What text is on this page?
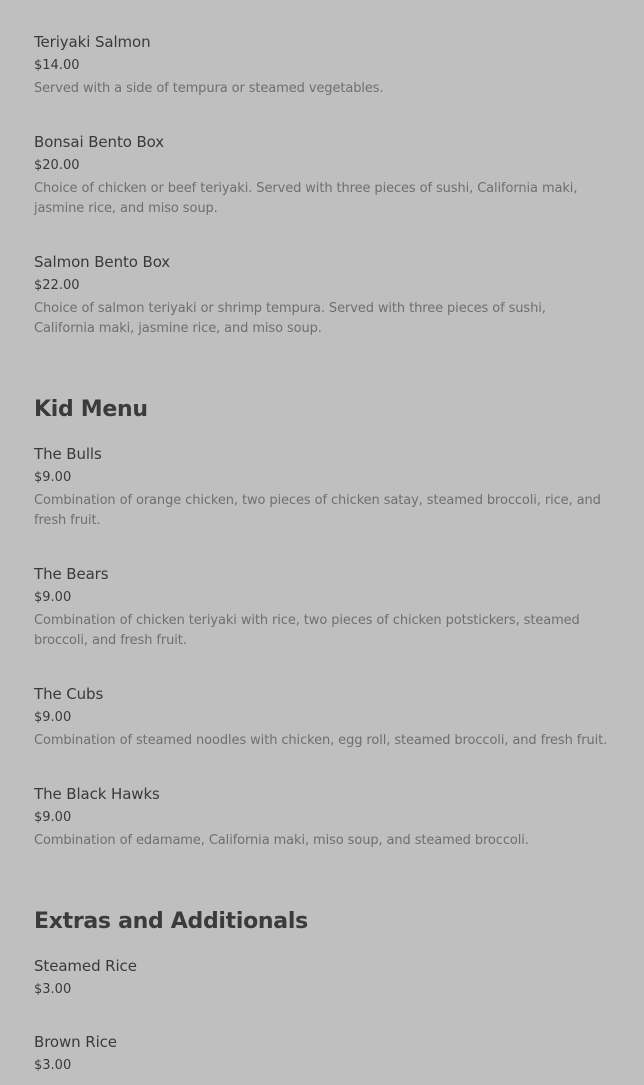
Teriyaki Salmon
$14.00
Served with a side of tempura or steamed vegetables.
Bonsai Bento Box
$20.00
Choice of chicken or beef teriyaki. Served with three pieces of sushi, California maki, jasmine rice, and miso soup.
Salmon Bento Box
$22.00
Choice of salmon teriyaki or shrimp tempura. Served with three pieces of sushi, California maki, jasmine rice, and miso soup.
Kid Menu
The Bulls
$9.00
Combination of orange chicken, two pieces of chicken satay, steamed broccoli, rice, and fresh fruit.
The Bears
$9.00
Combination of chicken teriyaki with rice, two pieces of chicken potstickers, steamed broccoli, and fresh fruit.
The Cubs
$9.00
Combination of steamed noodles with chicken, egg roll, steamed broccoli, and fresh fruit.
The Black Hawks
$9.00
Combination of edamame, California maki, miso soup, and steamed broccoli.
Extras and Additionals
Steamed Rice
$3.00
Brown Rice
$3.00
